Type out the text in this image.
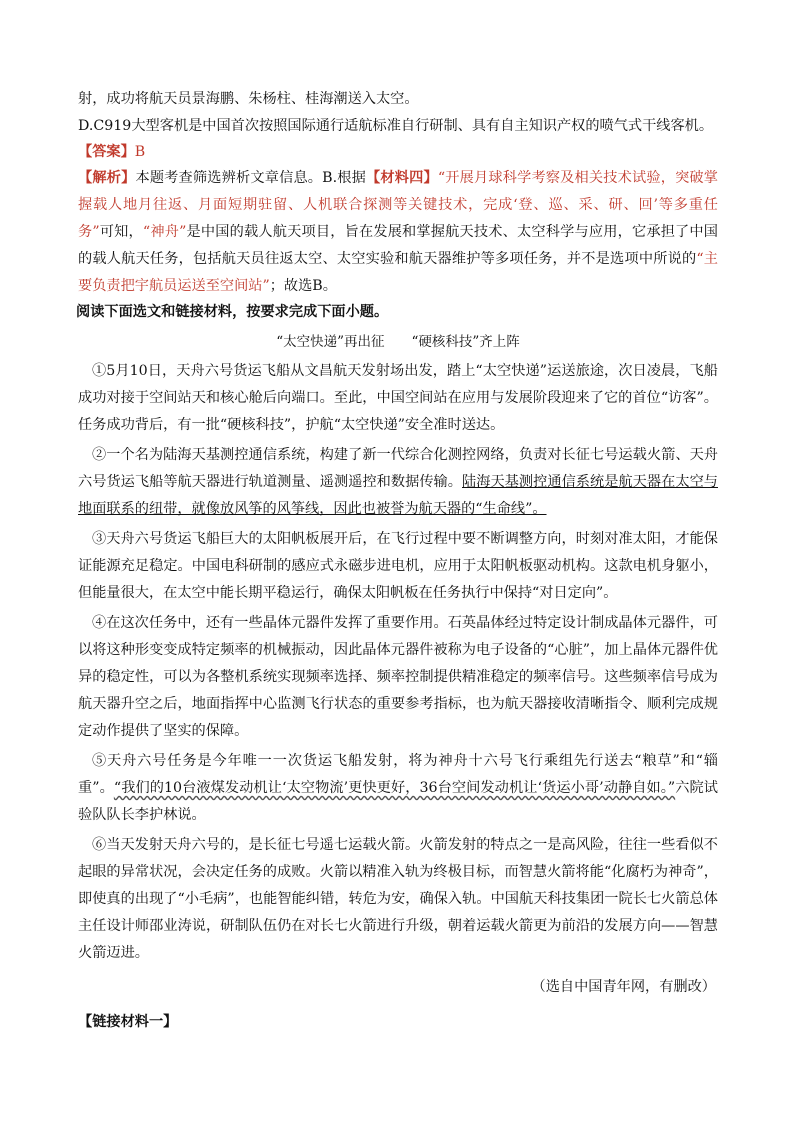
射，成功将航天员景海鹏、朱杨柱、桂海潮送入太空。
D.C919大型客机是中国首次按照国际通行适航标准自行研制、具有自主知识产权的喷气式干线客机。
【答案】B

【解析】本题考查筛选辨析文章信息。B.根据【材料四】“开展月球科学考察及相关技术试验，突破掌握载人地月往返、月面短期驻留、人机联合探测等关键技术，完成‘登、巡、采、研、回’等多重任务”可知，“神舟”是中国的载人航天项目，旨在发展和掌握航天技术、太空科学与应用，它承担了中国的载人航天任务，包括航天员往返太空、太空实验和航天器维护等多项任务，并不是选项中所说的“主要负责把宇航员运送至空间站”；故选B。

阅读下面选文和链接材料，按要求完成下面小题。
“太空快递”再出征　　“硬核科技”齐上阵

①5月10日，天舟六号货运飞船从文昌航天发射场出发，踏上“太空快递”运送旅途，次日凌晨，飞船成功对接于空间站天和核心舱后向端口。至此，中国空间站在应用与发展阶段迎来了它的首位“访客”。任务成功背后，有一批“硬核科技”，护航“太空快递”安全准时送达。

②一个名为陆海天基测控通信系统，构建了新一代综合化测控网络，负责对长征七号运载火箭、天舟六号货运飞船等航天器进行轨道测量、遥测遥控和数据传输。陆海天基测控通信系统是航天器在太空与地面联系的纽带，就像放风筝的风筝线，因此也被誉为航天器的“生命线”。

③天舟六号货运飞船巨大的太阳帆板展开后，在飞行过程中要不断调整方向，时刻对准太阳，才能保证能源充足稳定。中国电科研制的感应式永磁步进电机，应用于太阳帆板驱动机构。这款电机身躯小，但能量很大，在太空中能长期平稳运行，确保太阳帆板在任务执行中保持“对日定向”。

④在这次任务中，还有一些晶体元器件发挥了重要作用。石英晶体经过特定设计制成晶体元器件，可以将这种形变变成特定频率的机械振动，因此晶体元器件被称为电子设备的“心脏”，加上晶体元器件优异的稳定性，可以为各整机系统实现频率选择、频率控制提供精准稳定的频率信号。这些频率信号成为航天器升空之后，地面指挥中心监测飞行状态的重要参考指标，也为航天器接收清晰指令、顺利完成规定动作提供了坚实的保障。

⑤天舟六号任务是今年唯一一次货运飞船发射，将为神舟十六号飞行乘组先行送去“粮草”和“辎重”。“我们的10台液煤发动机让‘太空物流’更快更好，36台空间发动机让‘货运小哥’动静自如。”六院试验队队长李护林说。

⑥当天发射天舟六号的，是长征七号遥七运载火箭。火箭发射的特点之一是高风险，往往一些看似不起眼的异常状况，会决定任务的成败。火箭以精准入轨为终极目标，而智慧火箭将能“化腐朽为神奇”，即使真的出现了“小毛病”，也能智能纠错，转危为安，确保入轨。中国航天科技集团一院长七火箭总体主任设计师邵业涛说，研制队伍仍在对长七火箭进行升级，朝着运载火箭更为前沿的发展方向——智慧火箭迈进。

（选自中国青年网，有删改）
【链接材料一】
